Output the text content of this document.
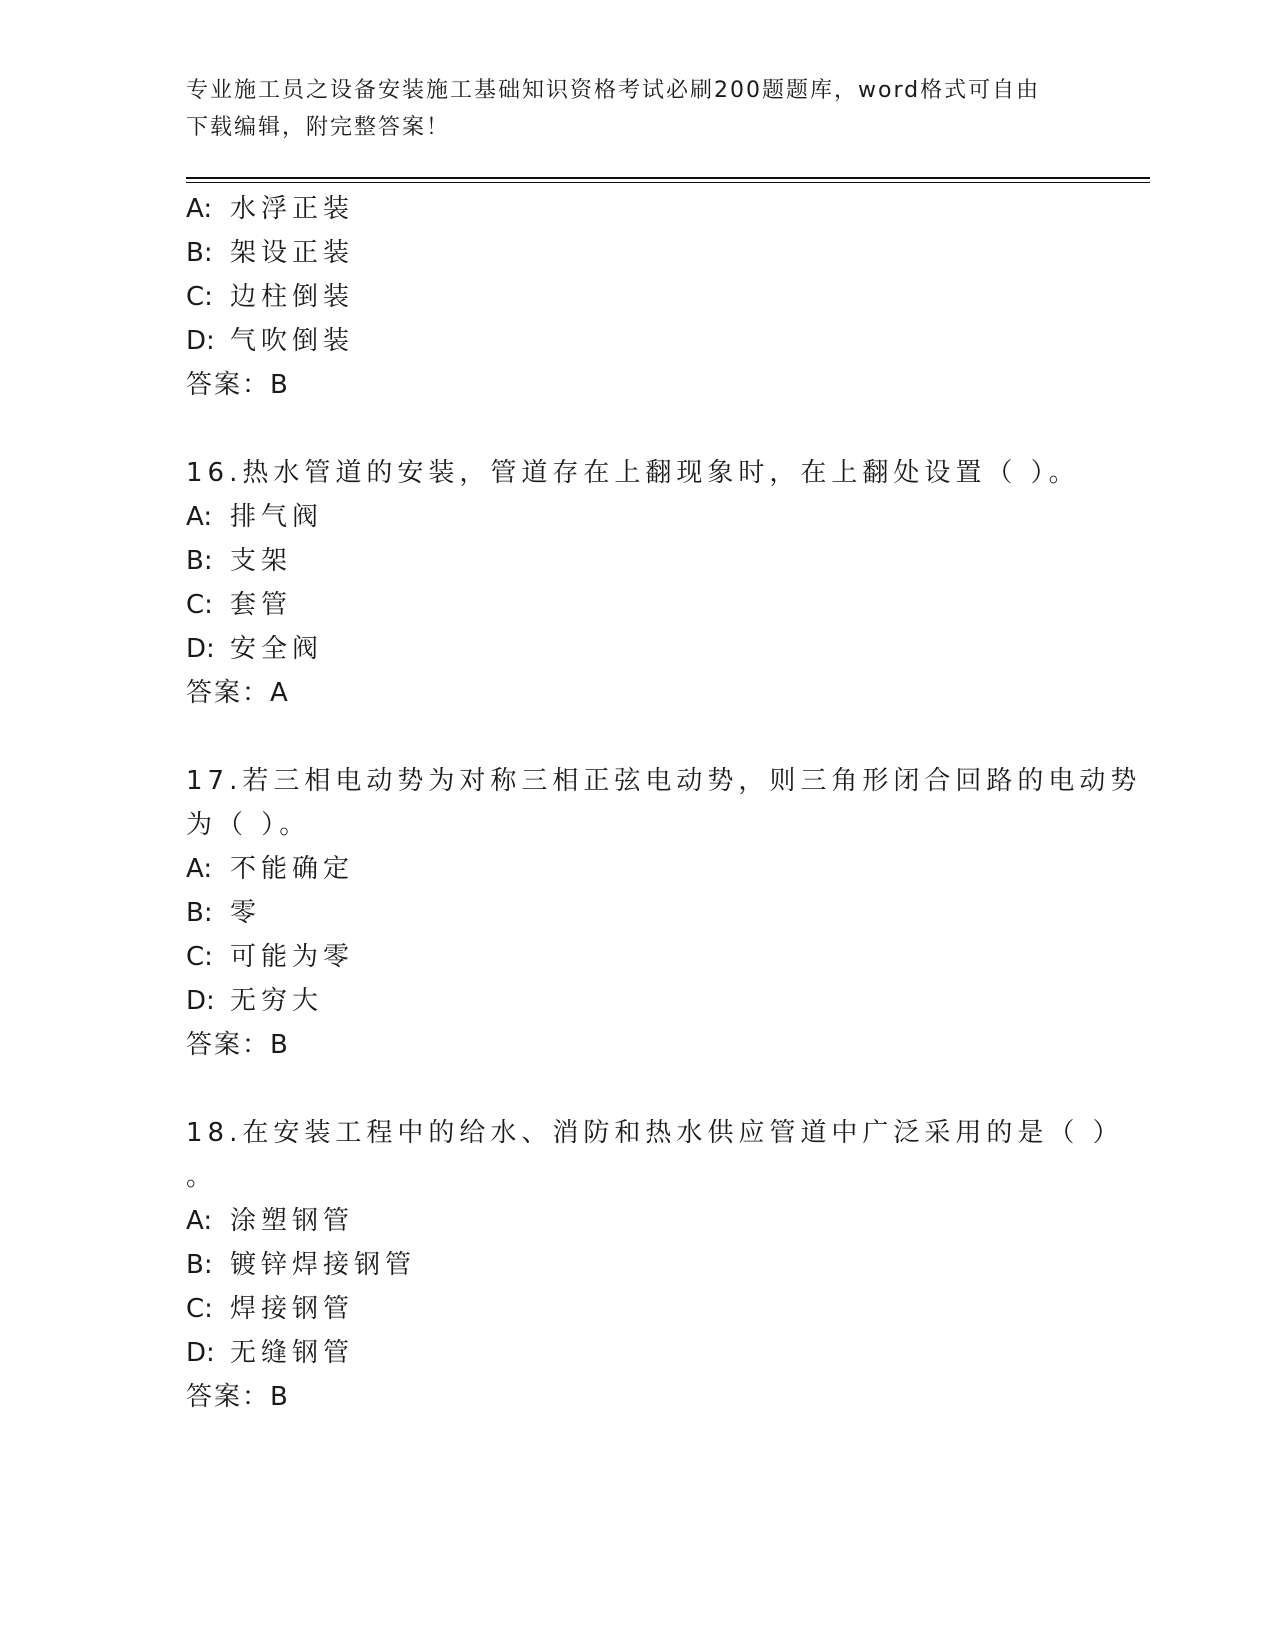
专业施工员之设备安装施工基础知识资格考试必刷200题题库，word格式可自由
下载编辑，附完整答案！
A: 水浮正装
B: 架设正装
C: 边柱倒装
D: 气吹倒装
答案：B
16.热水管道的安装，管道存在上翻现象时，在上翻处设置（ ）。
A: 排气阀
B: 支架
C: 套管
D: 安全阀
答案：A
17.若三相电动势为对称三相正弦电动势，则三角形闭合回路的电动势
为（ ）。
A: 不能确定
B: 零
C: 可能为零
D: 无穷大
答案：B
18.在安装工程中的给水、消防和热水供应管道中广泛采用的是（ ）
。
A: 涂塑钢管
B: 镀锌焊接钢管
C: 焊接钢管
D: 无缝钢管
答案：B
